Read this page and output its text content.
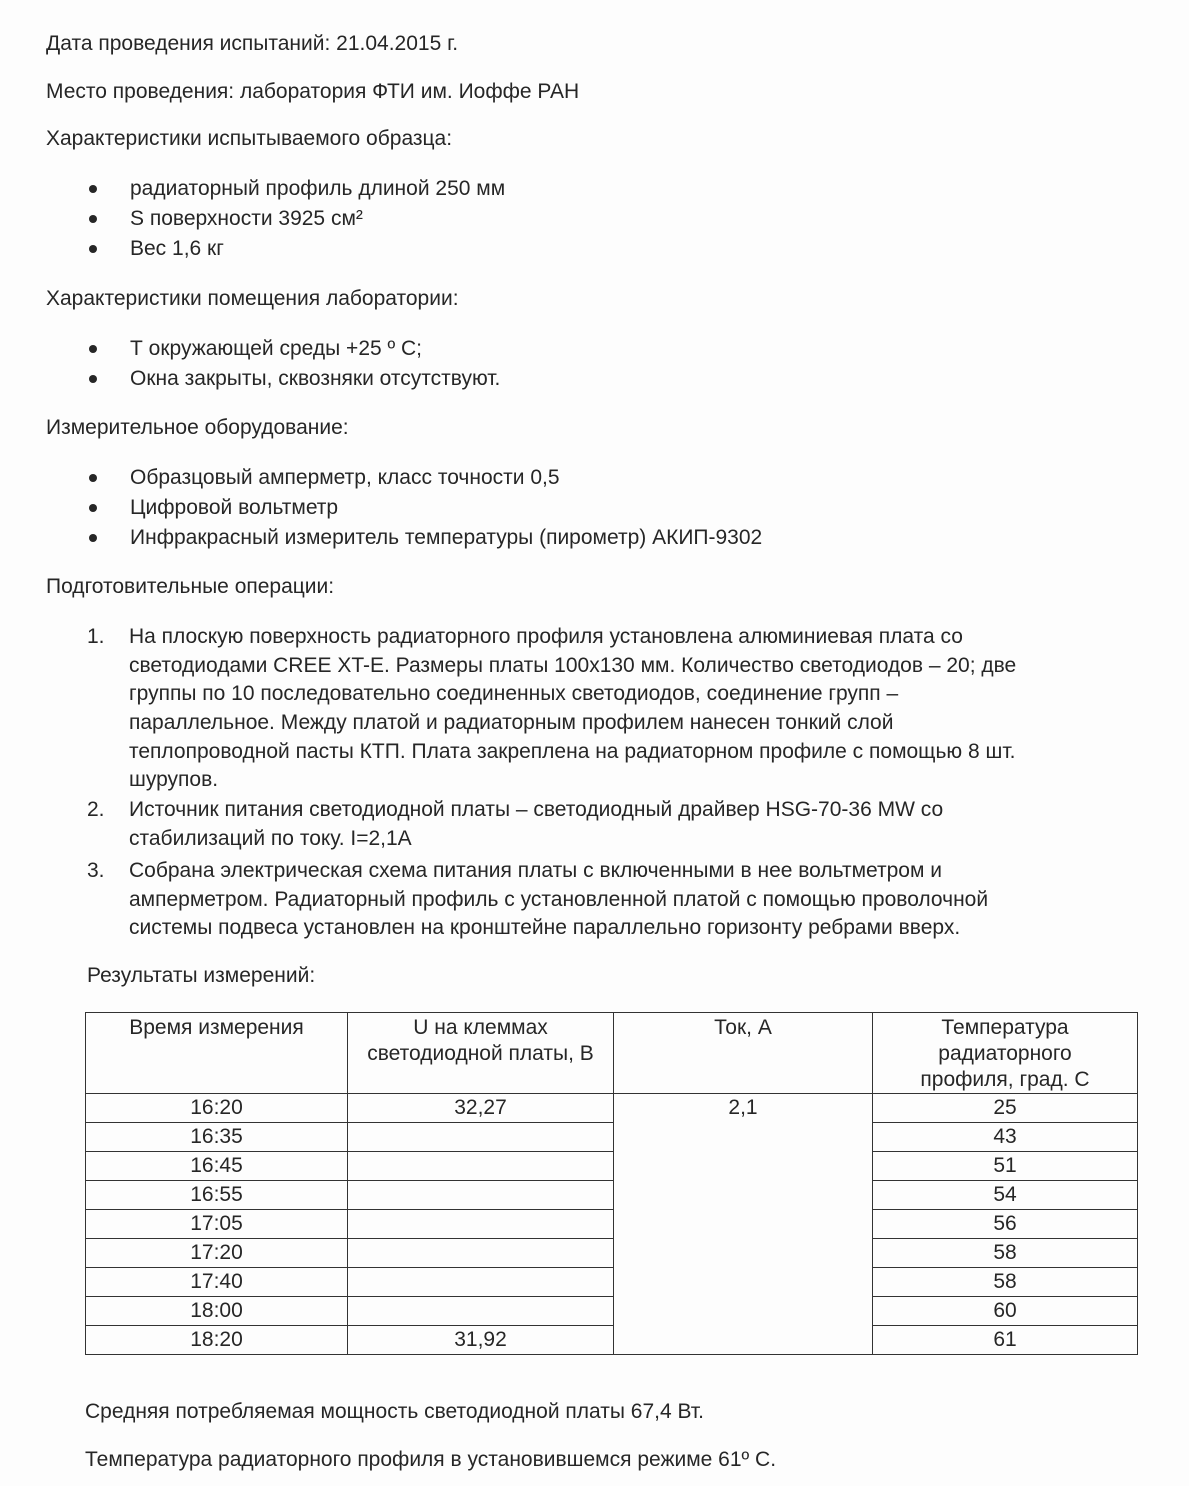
Дата проведения испытаний: 21.04.2015 г.
Место проведения: лаборатория ФТИ им. Иоффе РАН
Характеристики испытываемого образца:
радиаторный профиль длиной 250 мм
S поверхности 3925 см²
Вес 1,6 кг
Характеристики помещения лаборатории:
Т окружающей среды +25 º С;
Окна закрыты, сквозняки отсутствуют.
Измерительное оборудование:
Образцовый амперметр, класс точности 0,5
Цифровой вольтметр
Инфракрасный измеритель температуры (пирометр) АКИП-9302
Подготовительные операции:
1. На плоскую поверхность радиаторного профиля установлена алюминиевая плата со
светодиодами CREE XT-E. Размеры платы 100х130 мм. Количество светодиодов – 20; две
группы по 10 последовательно соединенных светодиодов, соединение групп –
параллельное. Между платой и радиаторным профилем нанесен тонкий слой
теплопроводной пасты КТП. Плата закреплена на радиаторном профиле с помощью 8 шт.
шурупов.
2. Источник питания светодиодной платы – светодиодный драйвер HSG-70-36 MW со
стабилизаций по току. I=2,1A
3. Собрана электрическая схема питания платы с включенными в нее вольтметром и
амперметром. Радиаторный профиль с установленной платой с помощью проволочной
системы подвеса установлен на кронштейне параллельно горизонту ребрами вверх.
Результаты измерений:
Время измерения	U на клеммах светодиодной платы, В	Ток, А	Температура радиаторного профиля, град. С
16:20	32,27	2,1	25
16:35			43
16:45			51
16:55			54
17:05			56
17:20			58
17:40			58
18:00			60
18:20	31,92		61
Средняя потребляемая мощность светодиодной платы 67,4 Вт.
Температура радиаторного профиля в установившемся режиме 61º С.
